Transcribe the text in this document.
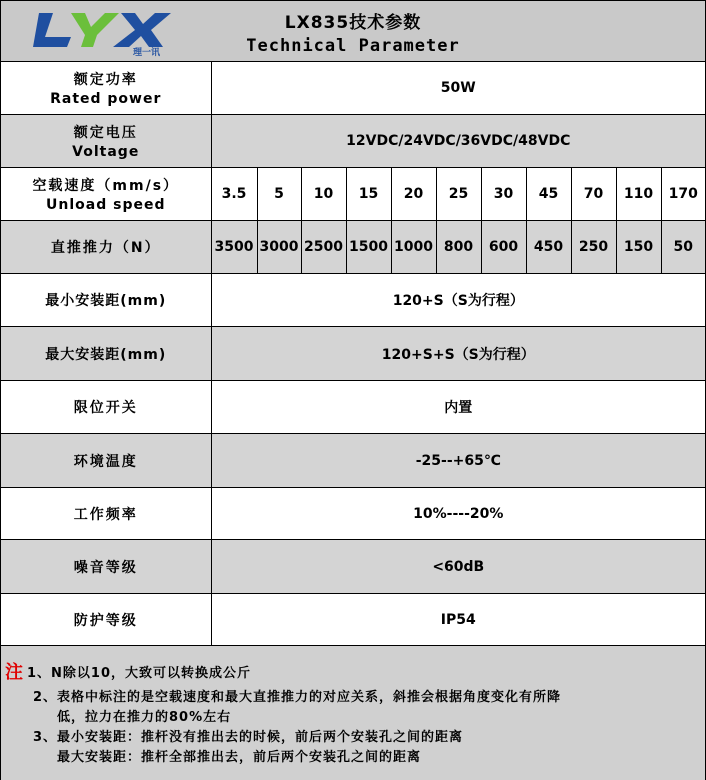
理一讯
LX835技术参数
Technical Parameter
额定功率
Rated power	50W										

额定电压
Voltage	12VDC/24VDC/36VDC/48VDC										

空载速度（mm/s）
Unload speed	3.5	5	10	15	20	25	30	45	70	110	170
直推推力（N）	3500	3000	2500	1500	1000	800	600	450	250	150	50
最小安装距(mm)	120+S（S为行程）										
最大安装距(mm)	120+S+S（S为行程）										
限位开关	内置										
环境温度	-25--+65℃										
工作频率	10%----20%										
噪音等级	<60dB										
防护等级	IP54										
注 1、N除以10，大致可以转换成公斤
2、表格中标注的是空载速度和最大直推推力的对应关系，斜推会根据角度变化有所降
低，拉力在推力的80%左右
3、最小安装距：推杆没有推出去的时候，前后两个安装孔之间的距离
最大安装距：推杆全部推出去，前后两个安装孔之间的距离
